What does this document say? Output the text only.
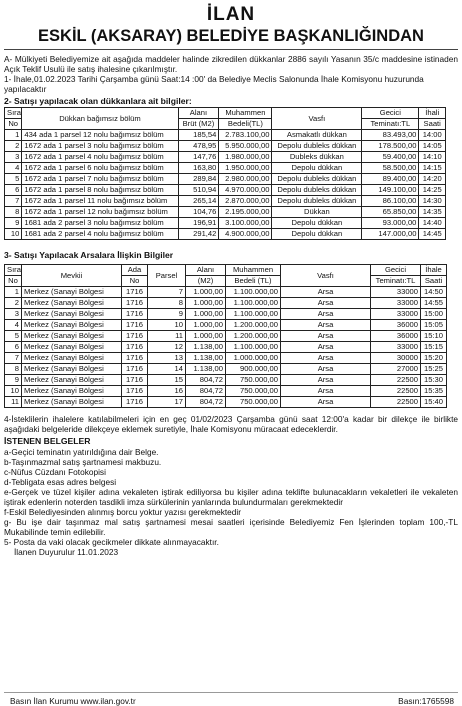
İLAN
ESKİL (AKSARAY) BELEDİYE BAŞKANLIĞINDAN
A- Mülkiyeti Belediyemize ait aşağıda maddeler halinde zikredilen dükkanlar 2886 sayılı Yasanın 35/c maddesine istinaden Açık Teklif Usulü ile satış ihalesine çıkarılmıştır.
1- İhale,01.02.2023 Tarihi Çarşamba günü Saat:14 :00' da Belediye Meclis Salonunda İhale Komisyonu huzurunda yapılacaktır
2- Satışı yapılacak olan dükkanlara ait bilgiler:
Sıra	Dükkan bağımsız bölüm	Alanı	Muhammen	Vasfı	Gecici	İhali
No		Brüt (M2)	Bedeli(TL)		Teminatı:TL	Saati
1	434 ada 1 parsel 12 nolu bağımsız bölüm	185,54	2.783.100,00	Asmakatlı dükkan	83.493,00	14:00
2	1672 ada 1 parsel 3 nolu bağımsız bölüm	478,95	5.950.000,00	Depolu dubleks dükkan	178.500,00	14:05
3	1672 ada 1 parsel 4 nolu bağımsız bölüm	147,76	1.980.000,00	Dubleks dükkan	59.400,00	14:10
4	1672 ada 1 parsel 6 nolu bağımsız bölüm	163,80	1.950.000,00	Depolu dükkan	58.500,00	14:15
5	1672 ada 1 parsel 7 nolu bağımsız bölüm	289,84	2.980.000,00	Depolu dubleks dükkan	89.400,00	14:20
6	1672 ada 1 parsel 8 nolu bağımsız bölüm	510,94	4.970.000,00	Depolu dubleks dükkan	149.100,00	14:25
7	1672 ada 1 parsel 11 nolu bağımsız bölüm	265,14	2.870.000,00	Depolu dubleks dükkan	86.100,00	14:30
8	1672 ada 1 parsel 12 nolu bağımsız bölüm	104,76	2.195.000,00	Dükkan	65.850,00	14:35
9	1681 ada 2 parsel 3 nolu bağımsız bölüm	196,91	3.100.000,00	Depolu dükkan	93.000,00	14:40
10	1681 ada 2 parsel 4 nolu bağımsız bölüm	291,42	4.900.000,00	Depolu dükkan	147.000,00	14:45
3- Satışı Yapılacak Arsalara İlişkin Bilgiler
Sıra	Mevkii	Ada	Parsel	Alanı	Muhammen	Vasfı	Gecici	İhale
No		No		(M2)	Bedeli (TL)		Teminatı:TL	Saati
1	Merkez (Sanayi Bölgesi	1716	7	1.000,00	1.100.000,00	Arsa	33000	14:50
2	Merkez (Sanayi Bölgesi	1716	8	1.000,00	1.100.000,00	Arsa	33000	14:55
3	Merkez (Sanayi Bölgesi	1716	9	1.000,00	1.100.000,00	Arsa	33000	15:00
4	Merkez (Sanayi Bölgesi	1716	10	1.000,00	1.200.000,00	Arsa	36000	15:05
5	Merkez (Sanayi Bölgesi	1716	11	1.000,00	1.200.000,00	Arsa	36000	15:10
6	Merkez (Sanayi Bölgesi	1716	12	1.138,00	1.100.000,00	Arsa	33000	15:15
7	Merkez (Sanayi Bölgesi	1716	13	1.138,00	1.000.000,00	Arsa	30000	15:20
8	Merkez (Sanayi Bölgesi	1716	14	1.138,00	900.000,00	Arsa	27000	15:25
9	Merkez (Sanayi Bölgesi	1716	15	804,72	750.000,00	Arsa	22500	15:30
10	Merkez (Sanayi Bölgesi	1716	16	804,72	750.000,00	Arsa	22500	15:35
11	Merkez (Sanayi Bölgesi	1716	17	804,72	750.000,00	Arsa	22500	15:40
4-İsteklilerin ihalelere katılabilmeleri için en geç 01/02/2023 Çarşamba günü saat 12:00'a kadar bir dilekçe ile birlikte aşağıdaki belgeleride dilekçeye eklemek suretiyle, İhale Komisyonu müracaat edeceklerdir.
İSTENEN BELGELER
a-Geçici teminatın yatırıldığına dair Belge.
b-Taşınmazmal satış şartnamesi makbuzu.
c-Nüfus Cüzdanı Fotokopisi
d-Tebligata esas adres belgesi
e-Gerçek ve tüzel kişiler adına vekaleten iştirak ediliyorsa bu kişiler adına teklifte bulunacakların vekaletleri ile vekaleten iştirak edenlerin noterden tasdikli imza sürkülerinin yanlarında bulundurmaları gerekmektedir
f-Eskil Belediyesinden alınmış borcu yoktur yazısı gerekmektedir
g- Bu işe dair taşınmaz mal satış şartnamesi mesai saatleri içerisinde Belediyemiz Fen İşlerinden toplam 100,-TL Mukabilinde temin edilebilir.
5- Posta da vaki olacak gecikmeler dikkate alınmayacaktır.
İlanen Duyurulur 11.01.2023
Basın İlan Kurumu www.ilan.gov.tr	Basın:1765598
